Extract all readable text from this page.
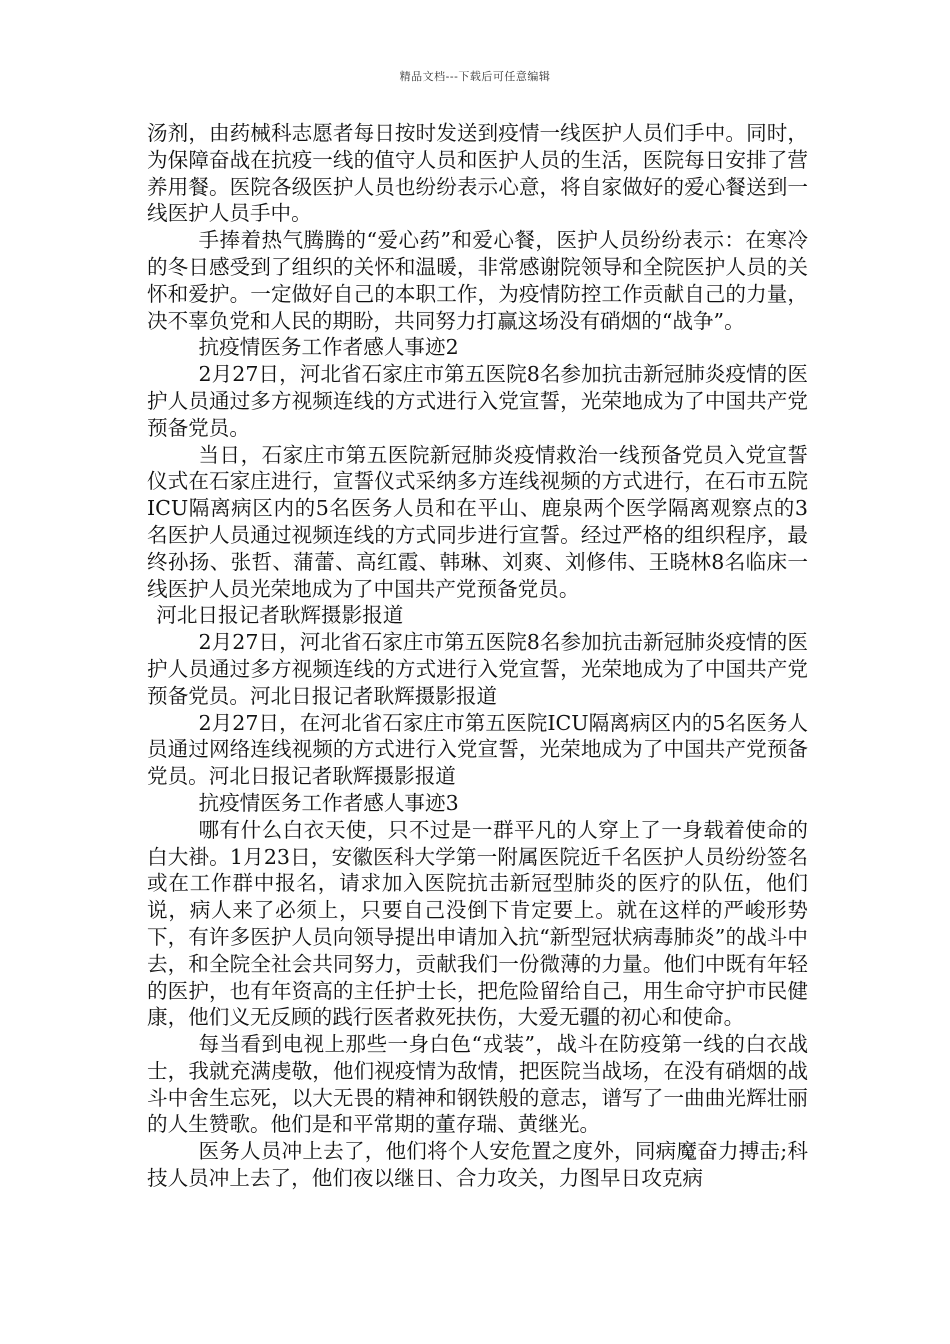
精品文档---下载后可任意编辑

汤剂，由药械科志愿者每日按时发送到疫情一线医护人员们手中。同时，为保障奋战在抗疫一线的值守人员和医护人员的生活，医院每日安排了营养用餐。医院各级医护人员也纷纷表示心意，将自家做好的爱心餐送到一线医护人员手中。

手捧着热气腾腾的“爱心药”和爱心餐，医护人员纷纷表示：在寒冷的冬日感受到了组织的关怀和温暖，非常感谢院领导和全院医护人员的关怀和爱护。一定做好自己的本职工作，为疫情防控工作贡献自己的力量，决不辜负党和人民的期盼，共同努力打赢这场没有硝烟的“战争”。

抗疫情医务工作者感人事迹2

2月27日，河北省石家庄市第五医院8名参加抗击新冠肺炎疫情的医护人员通过多方视频连线的方式进行入党宣誓，光荣地成为了中国共产党预备党员。

当日，石家庄市第五医院新冠肺炎疫情救治一线预备党员入党宣誓仪式在石家庄进行，宣誓仪式采纳多方连线视频的方式进行，在石市五院ICU隔离病区内的5名医务人员和在平山、鹿泉两个医学隔离观察点的3名医护人员通过视频连线的方式同步进行宣誓。经过严格的组织程序，最终孙扬、张哲、蒲蕾、高红霞、韩琳、刘爽、刘修伟、王晓林8名临床一线医护人员光荣地成为了中国共产党预备党员。

河北日报记者耿辉摄影报道

2月27日，河北省石家庄市第五医院8名参加抗击新冠肺炎疫情的医护人员通过多方视频连线的方式进行入党宣誓，光荣地成为了中国共产党预备党员。河北日报记者耿辉摄影报道

2月27日，在河北省石家庄市第五医院ICU隔离病区内的5名医务人员通过网络连线视频的方式进行入党宣誓，光荣地成为了中国共产党预备党员。河北日报记者耿辉摄影报道

抗疫情医务工作者感人事迹3

哪有什么白衣天使，只不过是一群平凡的人穿上了一身载着使命的白大褂。1月23日，安徽医科大学第一附属医院近千名医护人员纷纷签名或在工作群中报名，请求加入医院抗击新冠型肺炎的医疗的队伍，他们说，病人来了必须上，只要自己没倒下肯定要上。就在这样的严峻形势下，有许多医护人员向领导提出申请加入抗“新型冠状病毒肺炎”的战斗中去，和全院全社会共同努力，贡献我们一份微薄的力量。他们中既有年轻的医护，也有年资高的主任护士长，把危险留给自己，用生命守护市民健康，他们义无反顾的践行医者救死扶伤，大爱无疆的初心和使命。

每当看到电视上那些一身白色“戎装”，战斗在防疫第一线的白衣战士，我就充满虔敬，他们视疫情为敌情，把医院当战场，在没有硝烟的战斗中舍生忘死，以大无畏的精神和钢铁般的意志，谱写了一曲曲光辉壮丽的人生赞歌。他们是和平常期的董存瑞、黄继光。

医务人员冲上去了，他们将个人安危置之度外，同病魔奋力搏击;科技人员冲上去了，他们夜以继日、合力攻关，力图早日攻克病
